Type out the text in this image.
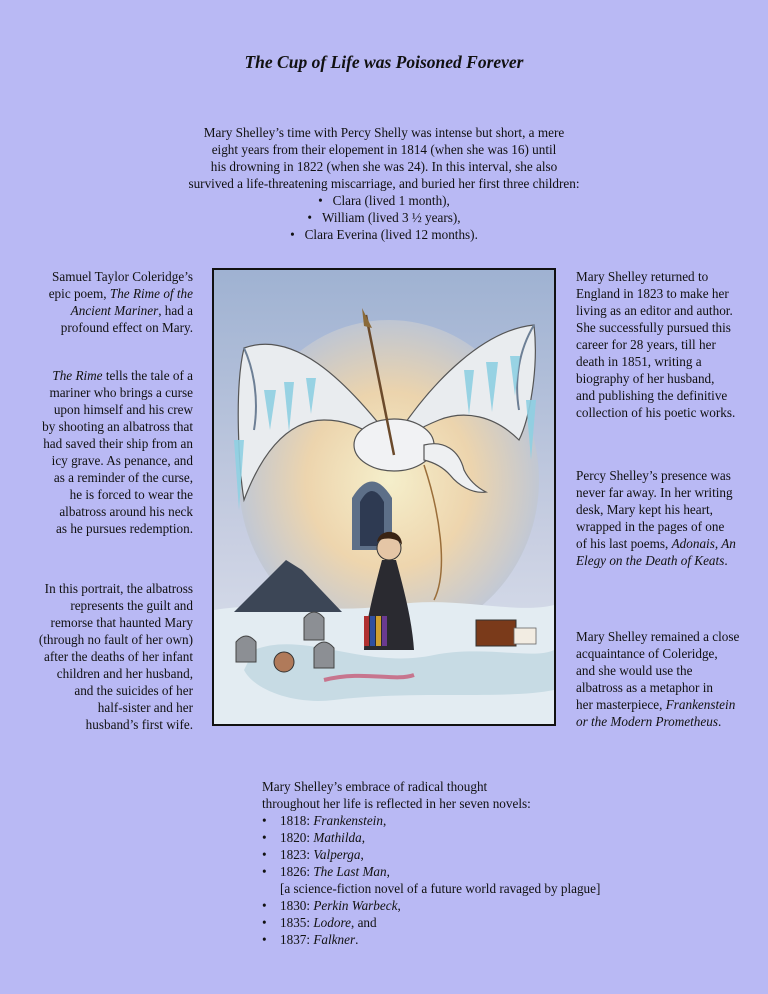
The Cup of Life was Poisoned Forever
Mary Shelley’s time with Percy Shelly was intense but short, a mere
eight years from their elopement in 1814 (when she was 16) until
his drowning in 1822 (when she was 24). In this interval, she also
survived a life-threatening miscarriage, and buried her first three children:
•   Clara (lived 1 month),
•   William (lived 3 ½ years),
•   Clara Everina (lived 12 months).
Samuel Taylor Coleridge’s
epic poem, The Rime of the
Ancient Mariner, had a
profound effect on Mary.
The Rime tells the tale of a
mariner who brings a curse
upon himself and his crew
by shooting an albatross that
had saved their ship from an
icy grave. As penance, and
as a reminder of the curse,
he is forced to wear the
albatross around his neck
as he pursues redemption.
In this portrait, the albatross
represents the guilt and
remorse that haunted Mary
(through no fault of her own)
after the deaths of her infant
children and her husband,
and the suicides of her
half-sister and her
husband’s first wife.
Mary Shelley returned to
England in 1823 to make her
living as an editor and author.
She successfully pursued this
career for 28 years, till her
death in 1851, writing a
biography of her husband,
and publishing the definitive
collection of his poetic works.
Percy Shelley’s presence was
never far away. In her writing
desk, Mary kept his heart,
wrapped in the pages of one
of his last poems, Adonais, An
Elegy on the Death of Keats.
Mary Shelley remained a close
acquaintance of Coleridge,
and she would use the
albatross as a metaphor in
her masterpiece, Frankenstein
or the Modern Prometheus.
Mary Shelley’s embrace of radical thought
throughout her life is reflected in her seven novels:
• 1818: Frankenstein,
• 1820: Mathilda,
• 1823: Valperga,
• 1826: The Last Man,
[a science-fiction novel of a future world ravaged by plague]
• 1830: Perkin Warbeck,
• 1835: Lodore, and
• 1837: Falkner.
